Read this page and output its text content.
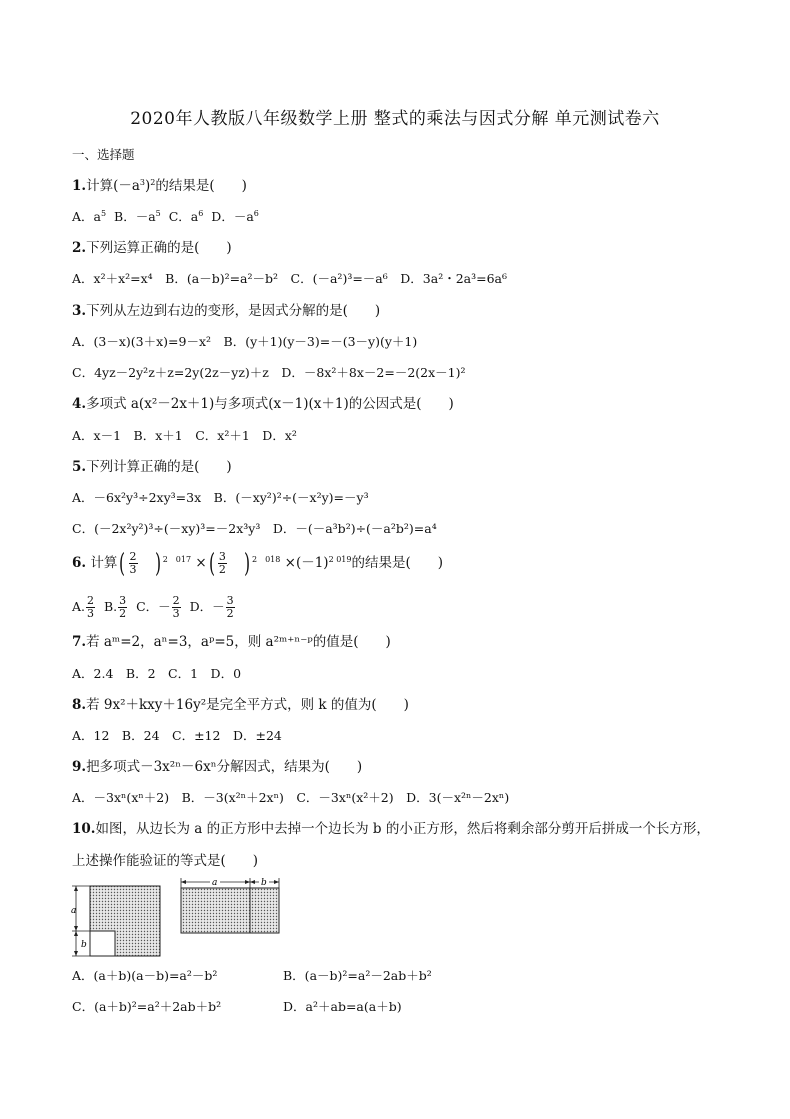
2020年人教版八年级数学上册 整式的乘法与因式分解 单元测试卷六
一、选择题
1.计算$(-a^3)^2$的结果是(　　)
A．$a^5$ B．$-a^5$ C．$a^6$ D．$-a^6$
2.下列运算正确的是(　　)
A．x²＋x²=x⁴　B．(a－b)²=a²－b²　C．(－a²)³=－a⁶　D．3a²・2a³=6a⁶
3.下列从左边到右边的变形，是因式分解的是(　　)
A．(3－x)(3＋x)=9－x²　B．(y＋1)(y－3)=－(3－y)(y＋1)
C．4yz－2y²z＋z=2y(2z－yz)＋z　D．－8x²＋8x－2=－2(2x－1)²
4.多项式 a(x²－2x＋1)与多项式(x－1)(x＋1)的公因式是(　　)
A．x－1　B．x＋1　C．x²＋1　D．x²
5.下列计算正确的是(　　)
A．－6x²y³÷2xy³=3x　B．(－xy²)²÷(－x²y)=－y³
C．(－2x²y²)³÷(－xy)³=－2x³y³　D．－(－a³b²)÷(－a²b²)=a⁴
6. 计算( $\frac{2}{3}$ ) $^{2 017}$ ×( $\frac{3}{2}$ ) $^{2 018} \times(-1)^{2 019}$的结果是(　　)
A. $\frac{2}{3} B$. $\frac{3}{2}$ C．－ $\frac{2}{3}$ D．－ $\frac{3}{2}$
7.若 aᵐ=2，aⁿ=3，aᵖ=5，则 a²ᵐ⁺ⁿ⁻ᵖ的值是(　　)
A．2.4　B．2　C．1　D．0
8.若 9x²＋kxy＋16y²是完全平方式，则 k 的值为(　　)
A．12　B．24　C．±12　D．±24
9.把多项式－3x²ⁿ－6xⁿ分解因式，结果为(　　)
A．－3xⁿ(xⁿ＋2)　B．－3(x²ⁿ＋2xⁿ)　C．－3xⁿ(x²＋2)　D．3(－x²ⁿ－2xⁿ)
10.如图，从边长为 a 的正方形中去掉一个边长为 b 的小正方形，然后将剩余部分剪开后拼成一个长方形，
上述操作能验证的等式是(　　)
a
b
a	b
A．(a＋b)(a－b)=a²－b²	B．(a－b)²=a²－2ab＋b²
C．(a＋b)²=a²＋2ab＋b²	D．a²＋ab=a(a＋b)
